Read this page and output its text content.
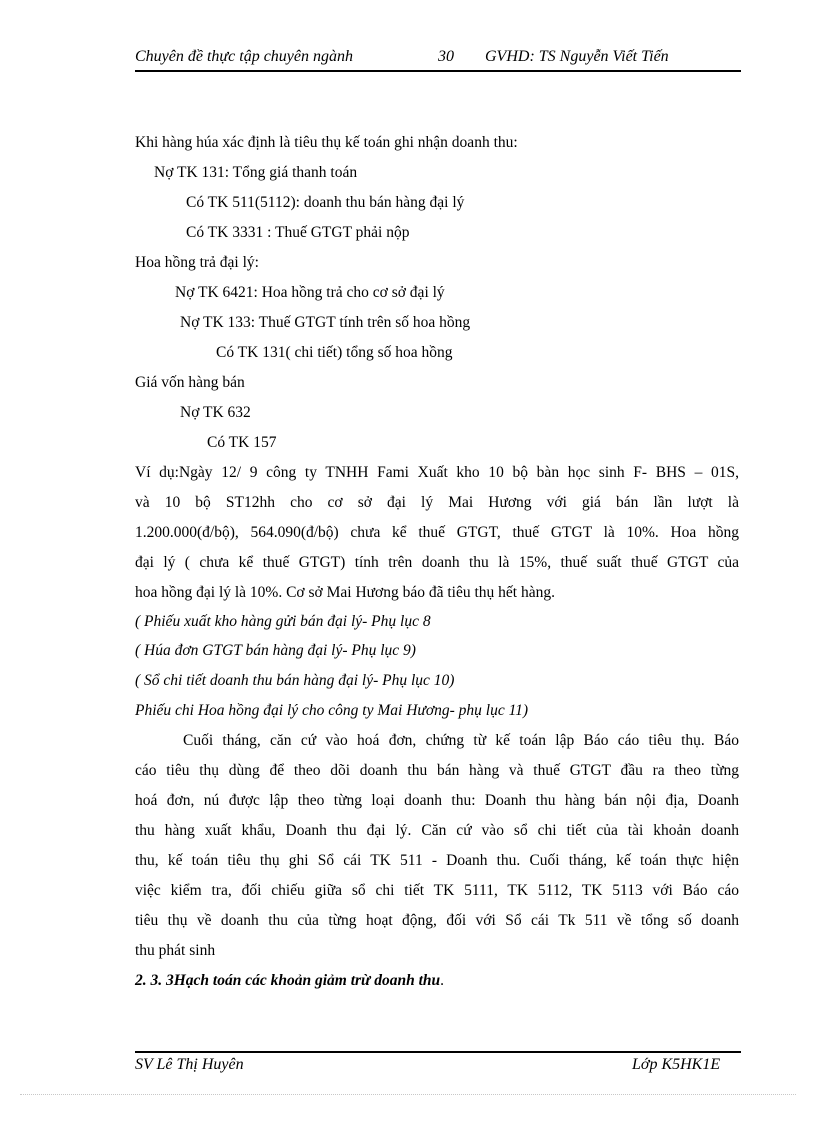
Chuyên đề thực tập chuyên ngành	30 GVHD: TS Nguyễn Viết Tiến
Khi hàng húa xác định là tiêu thụ kế toán ghi nhận doanh thu:
Nợ TK 131: Tổng giá thanh toán
Có TK 511(5112): doanh thu bán hàng đại lý
Có TK 3331 : Thuế GTGT phải nộp
Hoa hồng trả đại lý:
Nợ TK 6421: Hoa hồng trả cho cơ sở đại lý
Nợ TK 133: Thuế GTGT tính trên số hoa hồng
Có TK 131( chi tiết) tổng số hoa hồng
Giá vốn hàng bán
Nợ TK 632
Có TK 157
Ví dụ:Ngày 12/ 9 công ty TNHH Fami Xuất kho 10 bộ bàn học sinh F- BHS – 01S,
và 10 bộ ST12hh cho cơ sở đại lý Mai Hương với giá bán lần lượt là
1.200.000(đ/bộ), 564.090(đ/bộ) chưa kể thuế GTGT, thuế GTGT là 10%. Hoa hồng
đại lý ( chưa kể thuế GTGT) tính trên doanh thu là 15%, thuế suất thuế GTGT của
hoa hồng đại lý là 10%. Cơ sở Mai Hương báo đã tiêu thụ hết hàng.
( Phiếu xuất kho hàng gửi bán đại lý- Phụ lục 8
( Húa đơn GTGT bán hàng đại lý- Phụ lục 9)
( Sổ chi tiết doanh thu bán hàng đại lý- Phụ lục 10)
Phiếu chi Hoa hồng đại lý cho công ty Mai Hương- phụ lục 11)
Cuối tháng, căn cứ vào hoá đơn, chứng từ kế toán lập Báo cáo tiêu thụ. Báo
cáo tiêu thụ dùng để theo dõi doanh thu bán hàng và thuế GTGT đầu ra theo từng
hoá đơn, nú được lập theo từng loại doanh thu: Doanh thu hàng bán nội địa, Doanh
thu hàng xuất khẩu, Doanh thu đại lý. Căn cứ vào sổ chi tiết của tài khoản doanh
thu, kế toán tiêu thụ ghi Sổ cái TK 511 - Doanh thu. Cuối tháng, kế toán thực hiện
việc kiểm tra, đối chiếu giữa sổ chi tiết TK 5111, TK 5112, TK 5113 với Báo cáo
tiêu thụ về doanh thu của từng hoạt động, đối với Sổ cái Tk 511 về tổng số doanh
thu phát sinh
2. 3. 3Hạch toán các khoản giảm trừ doanh thu.
SV Lê Thị Huyên	Lớp K5HK1E
